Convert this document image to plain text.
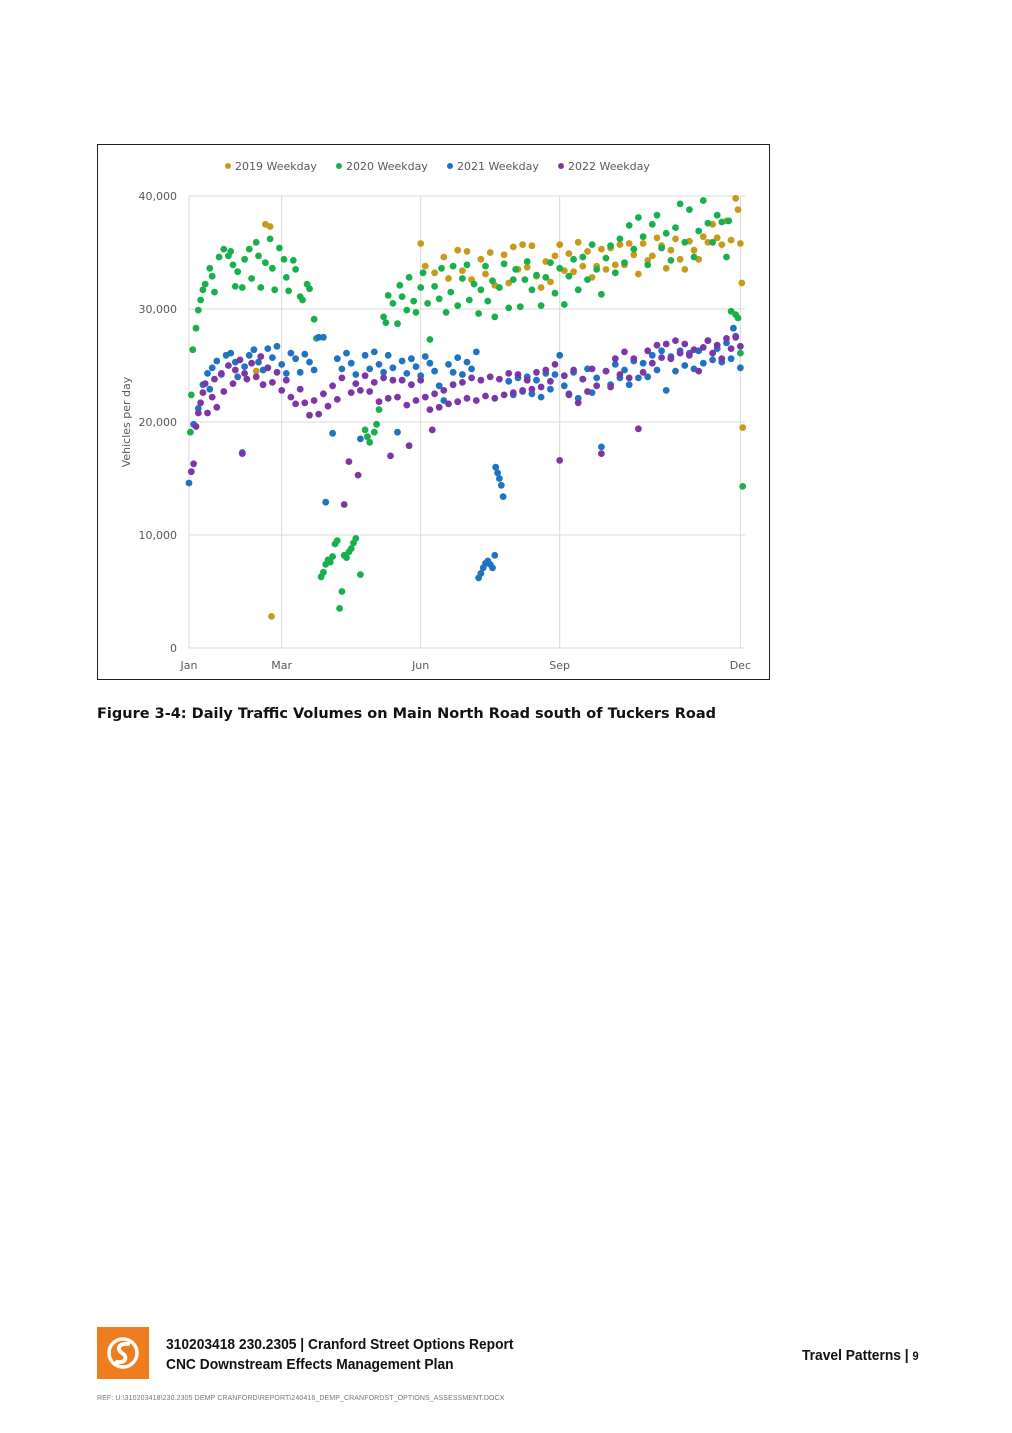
0
10,000
20,000
30,000
40,000
Jan	Mar	Jun	Sep	Dec
Vehicles per day
2019 Weekday	2020 Weekday	2021 Weekday	2022 Weekday
Figure 3-4: Daily Traffic Volumes on Main North Road south of Tuckers Road
310203418 230.2305 | Cranford Street Options Report
CNC Downstream Effects Management Plan
Travel Patterns | 9
REF: U:\310203418\230.2305 DEMP CRANFORD\REPORT\240416_DEMP_CRANFORDST_OPTIONS_ASSESSMENT.DOCX
